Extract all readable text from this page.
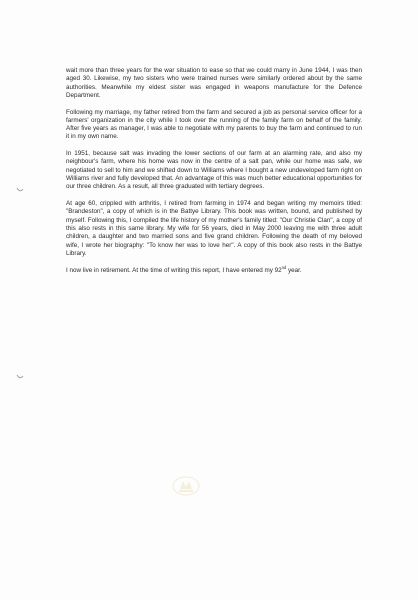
wait more than three years for the war situation to ease so that we could marry in June 1944, I was then aged 30. Likewise, my two sisters who were trained nurses were similarly ordered about by the same authorities. Meanwhile my eldest sister was engaged in weapons manufacture for the Defence Department.

Following my marriage, my father retired from the farm and secured a job as personal service officer for a farmers' organization in the city while I took over the running of the family farm on behalf of the family. After five years as manager, I was able to negotiate with my parents to buy the farm and continued to run it in my own name.

In 1951, because salt was invading the lower sections of our farm at an alarming rate, and also my neighbour's farm, where his home was now in the centre of a salt pan, while our home was safe, we negotiated to sell to him and we shifted down to Williams where I bought a new undeveloped farm right on Williams river and fully developed that. An advantage of this was much better educational opportunities for our three children. As a result, all three graduated with tertiary degrees.

At age 60, crippled with arthritis, I retired from farming in 1974 and began writing my memoirs titled: "Brandeston", a copy of which is in the Battye Library. This book was written, bound, and published by myself. Following this, I compiled the life history of my mother's family titled: "Our Christie Clan", a copy of this also rests in this same library. My wife for 56 years, died in May 2000 leaving me with three adult children, a daughter and two married sons and five grand children. Following the death of my beloved wife, I wrote her biography: "To know her was to love her". A copy of this book also rests in the Battye Library.

I now live in retirement. At the time of writing this report, I have entered my 92nd year.
